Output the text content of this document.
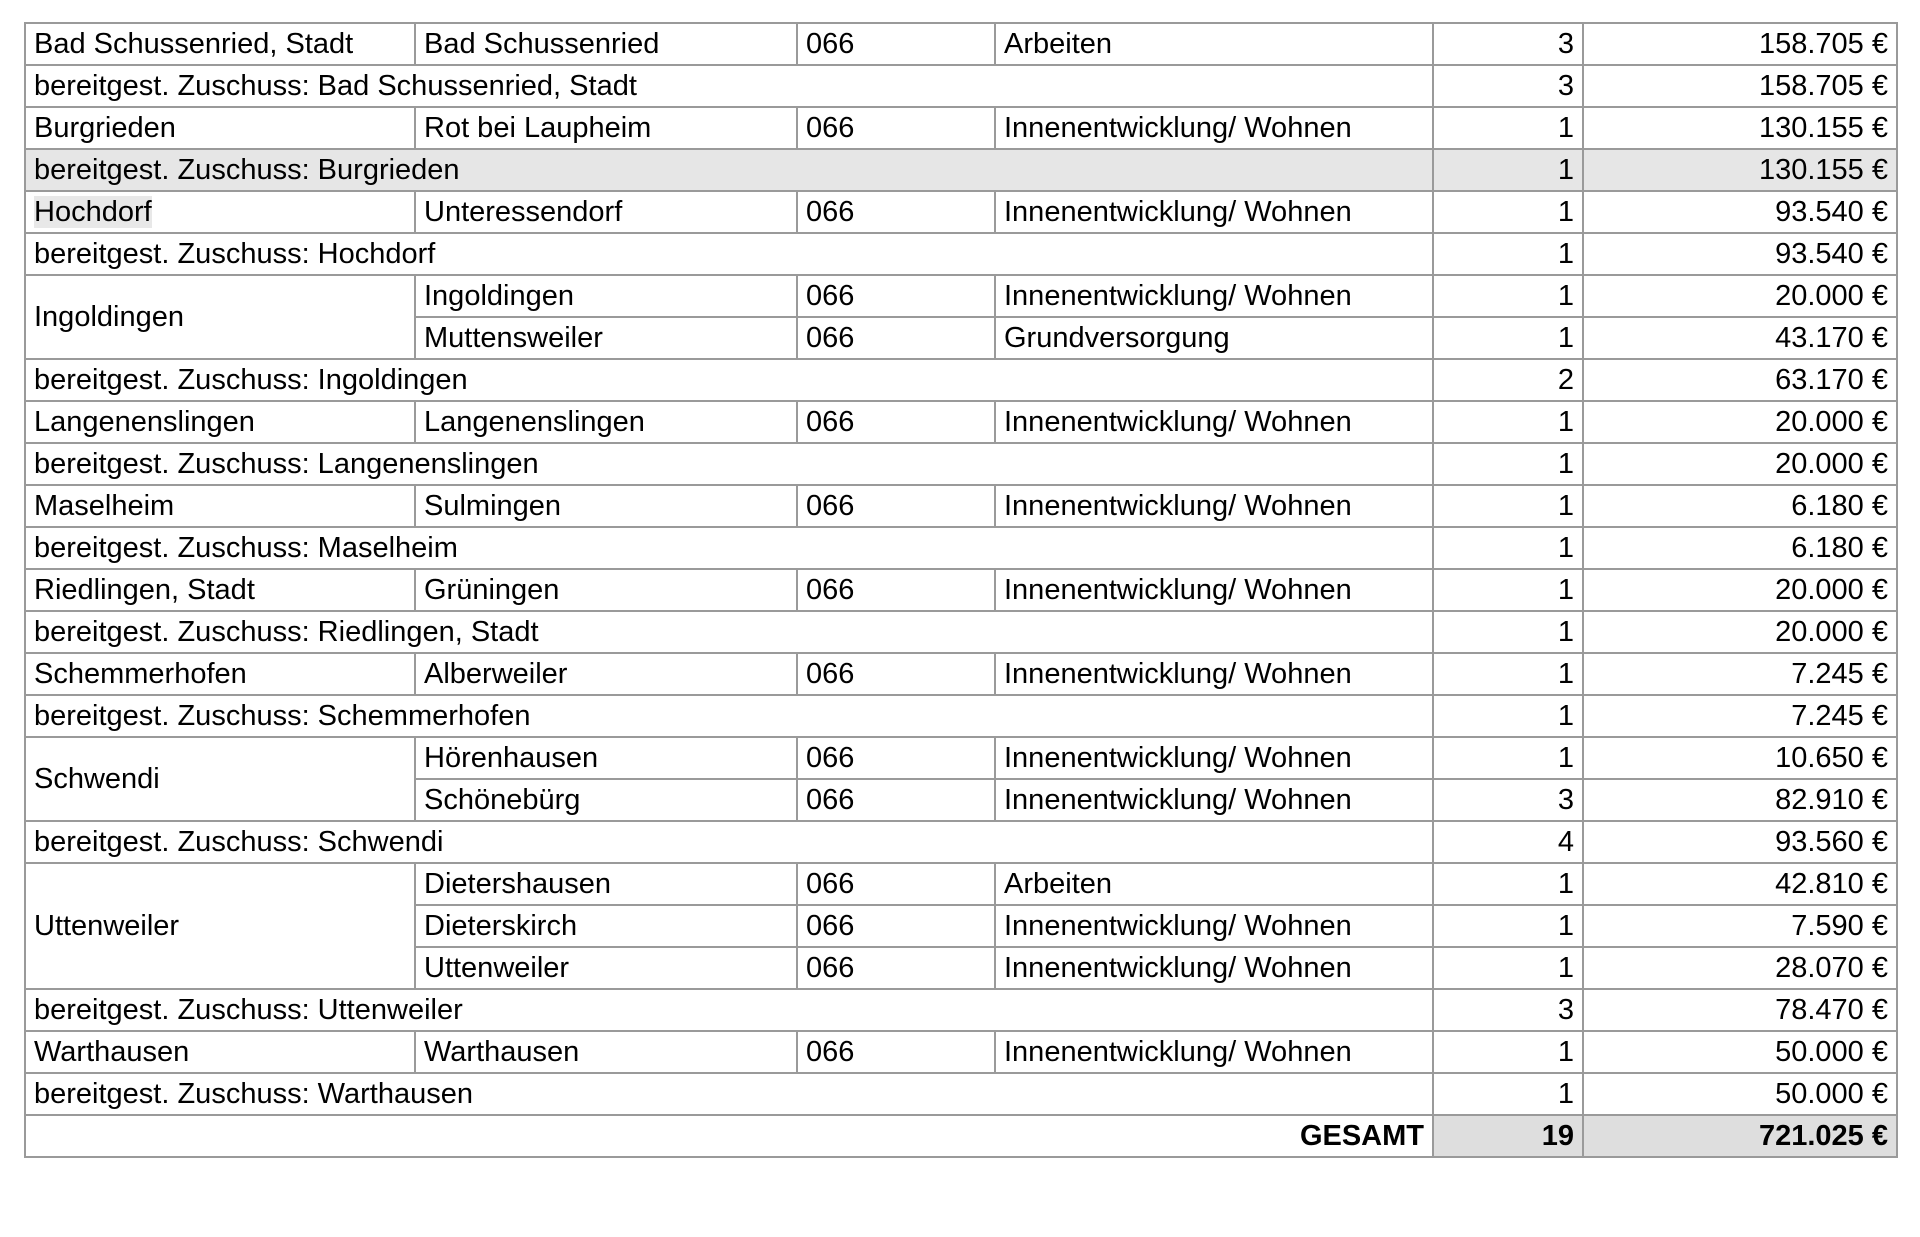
Bad Schussenried, Stadt	Bad Schussenried	066	Arbeiten	3	158.705 €
bereitgest. Zuschuss: Bad Schussenried, Stadt				3	158.705 €
Burgrieden	Rot bei Laupheim	066	Innenentwicklung/ Wohnen	1	130.155 €
bereitgest. Zuschuss: Burgrieden				1	130.155 €
Hochdorf	Unteressendorf	066	Innenentwicklung/ Wohnen	1	93.540 €
bereitgest. Zuschuss: Hochdorf				1	93.540 €
Ingoldingen	Ingoldingen	066	Innenentwicklung/ Wohnen	1	20.000 €
	Muttensweiler	066	Grundversorgung	1	43.170 €
bereitgest. Zuschuss: Ingoldingen				2	63.170 €
Langenenslingen	Langenenslingen	066	Innenentwicklung/ Wohnen	1	20.000 €
bereitgest. Zuschuss: Langenenslingen				1	20.000 €
Maselheim	Sulmingen	066	Innenentwicklung/ Wohnen	1	6.180 €
bereitgest. Zuschuss: Maselheim				1	6.180 €
Riedlingen, Stadt	Grüningen	066	Innenentwicklung/ Wohnen	1	20.000 €
bereitgest. Zuschuss: Riedlingen, Stadt				1	20.000 €
Schemmerhofen	Alberweiler	066	Innenentwicklung/ Wohnen	1	7.245 €
bereitgest. Zuschuss: Schemmerhofen				1	7.245 €
Schwendi	Hörenhausen	066	Innenentwicklung/ Wohnen	1	10.650 €
	Schönebürg	066	Innenentwicklung/ Wohnen	3	82.910 €
bereitgest. Zuschuss: Schwendi				4	93.560 €
Uttenweiler	Dietershausen	066	Arbeiten	1	42.810 €
	Dieterskirch	066	Innenentwicklung/ Wohnen	1	7.590 €
	Uttenweiler	066	Innenentwicklung/ Wohnen	1	28.070 €
bereitgest. Zuschuss: Uttenweiler				3	78.470 €
Warthausen	Warthausen	066	Innenentwicklung/ Wohnen	1	50.000 €
bereitgest. Zuschuss: Warthausen				1	50.000 €
GESAMT				19	721.025 €
